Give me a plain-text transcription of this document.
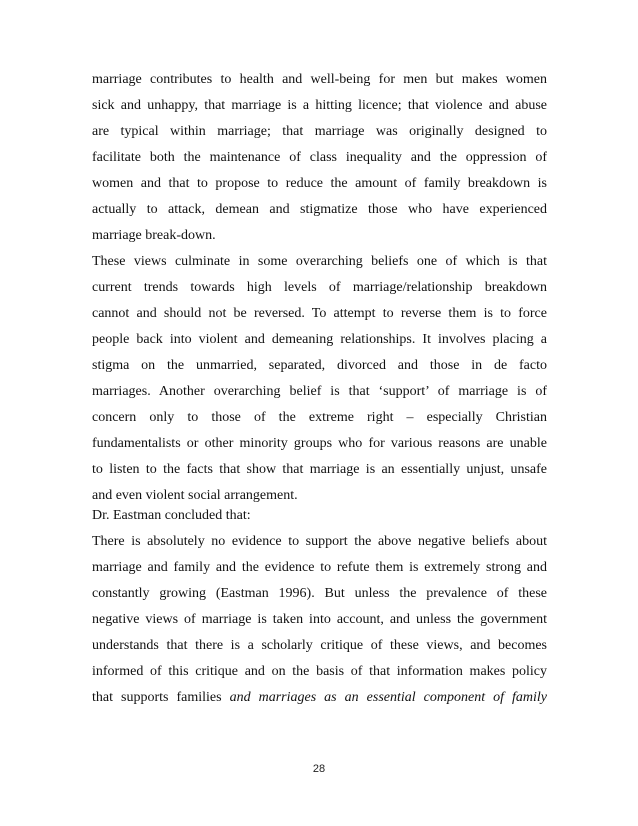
marriage contributes to health and well-being for men but makes women
sick and unhappy, that marriage is a hitting licence; that violence and abuse
are typical within marriage; that marriage was originally designed to
facilitate both the maintenance of class inequality and the oppression of
women and that to propose to reduce the amount of family breakdown is
actually to attack, demean and stigmatize those who have experienced
marriage break-down.
These views culminate in some overarching beliefs one of which is that
current trends towards high levels of marriage/relationship breakdown
cannot and should not be reversed. To attempt to reverse them is to force
people back into violent and demeaning relationships. It involves placing a
stigma on the unmarried, separated, divorced and those in de facto
marriages. Another overarching belief is that ‘support’ of marriage is of
concern only to those of the extreme right – especially Christian
fundamentalists or other minority groups who for various reasons are unable
to listen to the facts that show that marriage is an essentially unjust, unsafe
and even violent social arrangement.
Dr. Eastman concluded that:
There is absolutely no evidence to support the above negative beliefs about
marriage and family and the evidence to refute them is extremely strong and
constantly growing (Eastman 1996). But unless the prevalence of these
negative views of marriage is taken into account, and unless the government
understands that there is a scholarly critique of these views, and becomes
informed of this critique and on the basis of that information makes policy
that supports families and marriages as an essential component of family
28
